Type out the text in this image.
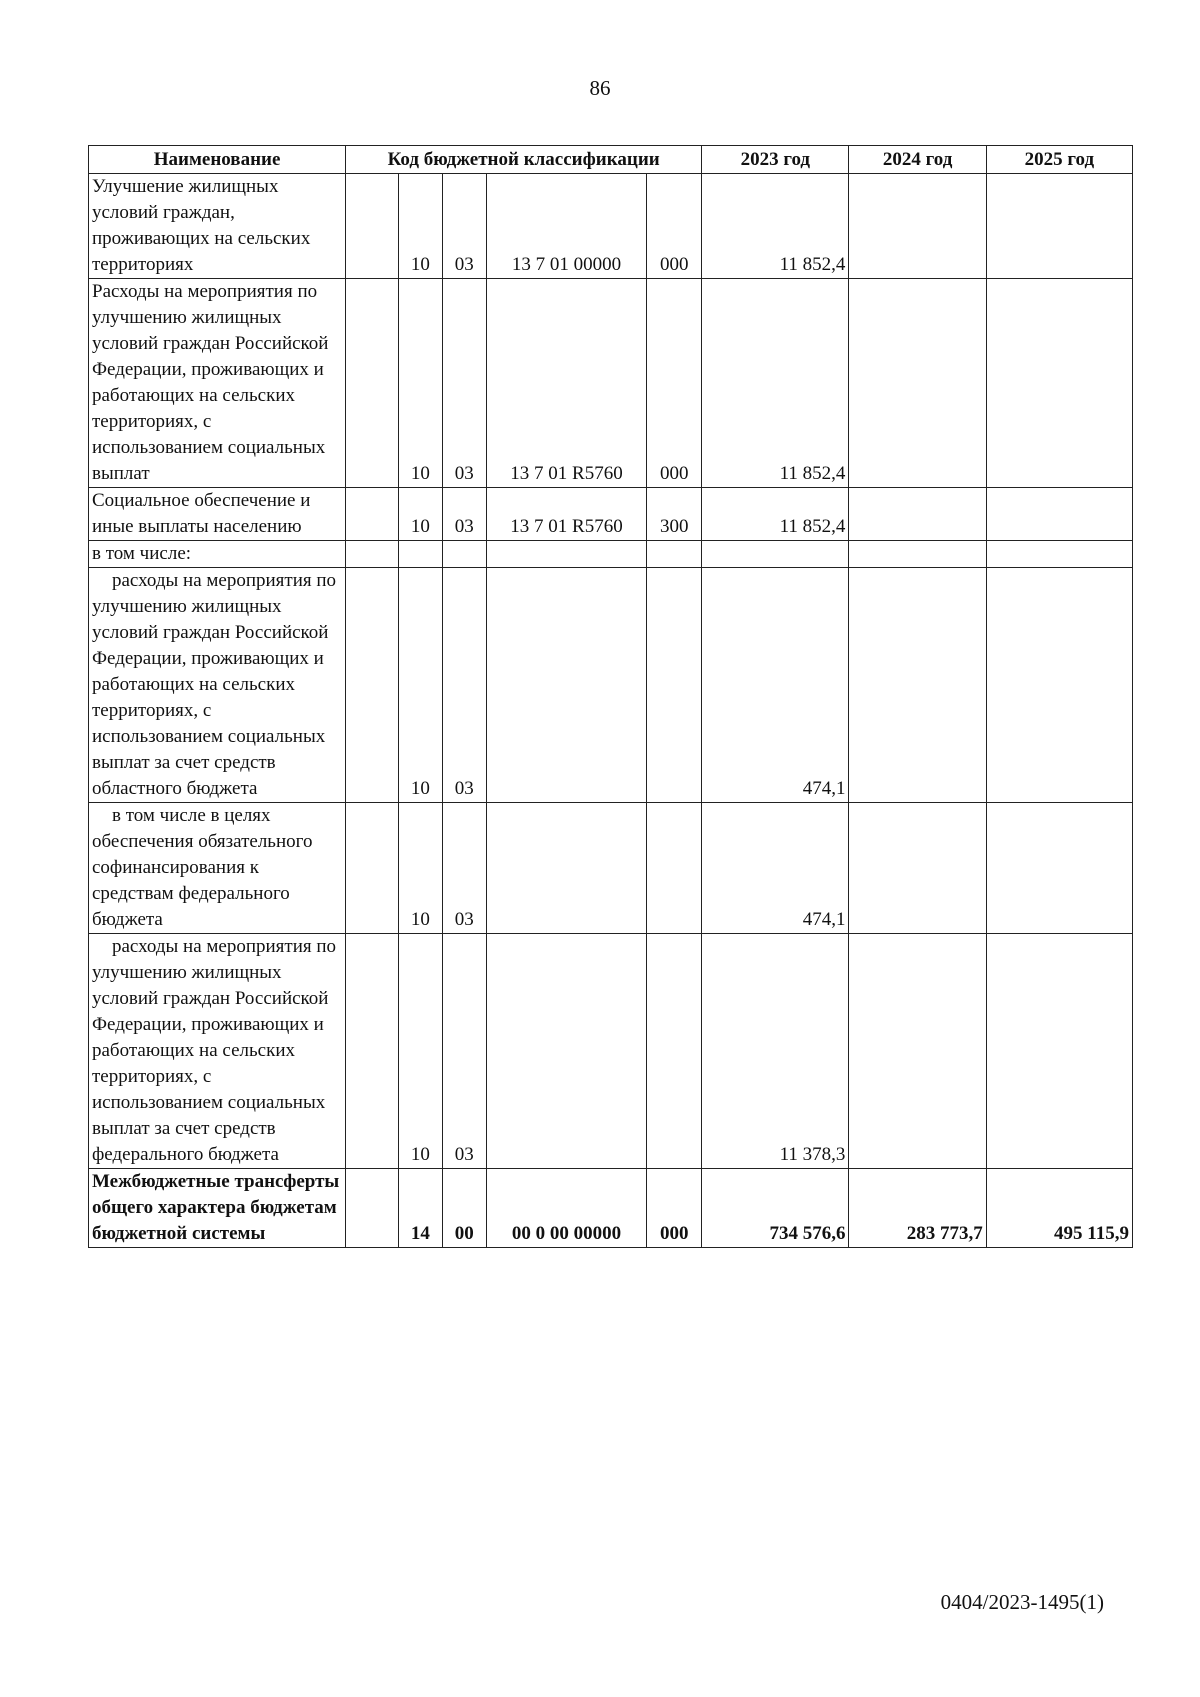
86
Наименование	Код бюджетной классификации					2023 год	2024 год	2025 год
Улучшение жилищных условий граждан, проживающих на сельских территориях		10	03	13 7 01 00000	000	11 852,4		
Расходы на мероприятия по улучшению жилищных условий граждан Российской Федерации, проживающих и работающих на сельских территориях, с использованием социальных выплат		10	03	13 7 01 R5760	000	11 852,4		
Социальное обеспечение и иные выплаты населению		10	03	13 7 01 R5760	300	11 852,4		
в том числе:								
расходы на мероприятия по улучшению жилищных условий граждан Российской Федерации, проживающих и работающих на сельских территориях, с использованием социальных выплат за счет средств областного бюджета		10	03			474,1		
в том числе в целях обеспечения обязательного софинансирования к средствам федерального бюджета		10	03			474,1		
расходы на мероприятия по улучшению жилищных условий граждан Российской Федерации, проживающих и работающих на сельских территориях, с использованием социальных выплат за счет средств федерального бюджета		10	03			11 378,3		
Межбюджетные трансферты общего характера бюджетам бюджетной системы		14	00	00 0 00 00000	000	734 576,6	283 773,7	495 115,9
0404/2023-1495(1)
